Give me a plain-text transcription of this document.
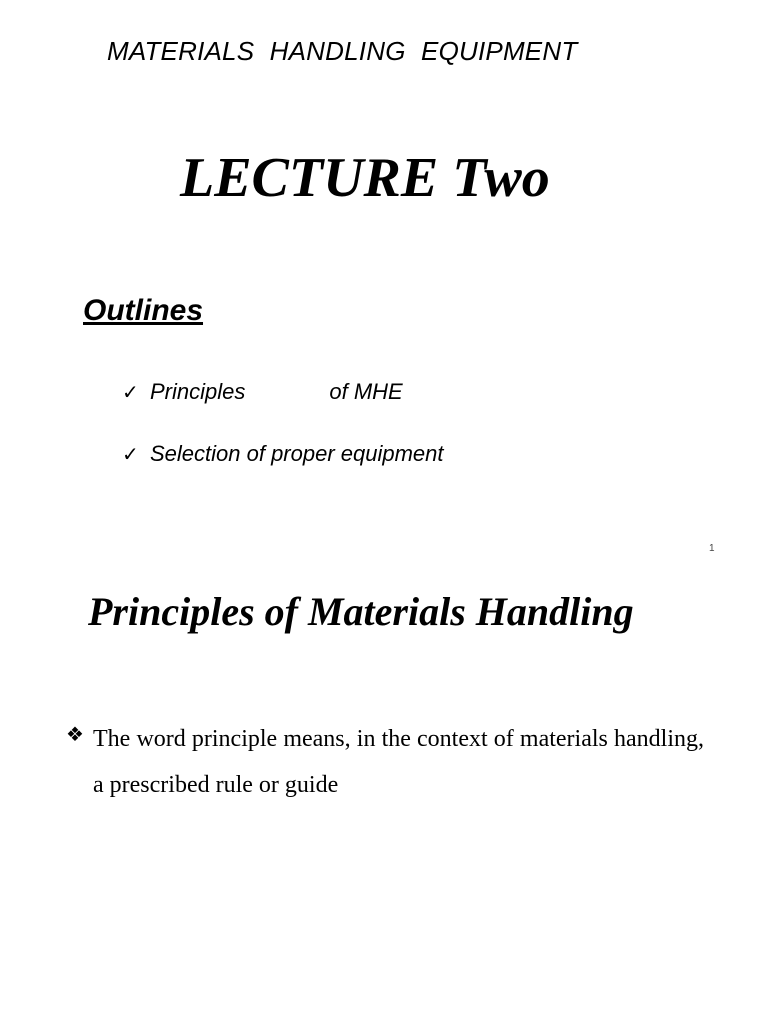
MATERIALS HANDLING EQUIPMENT
LECTURE Two
Outlines
✓ Principles	of MHE
✓ Selection of proper equipment
1
Principles of Materials Handling
❖ The word principle means, in the context of materials handling, a prescribed rule or guide
